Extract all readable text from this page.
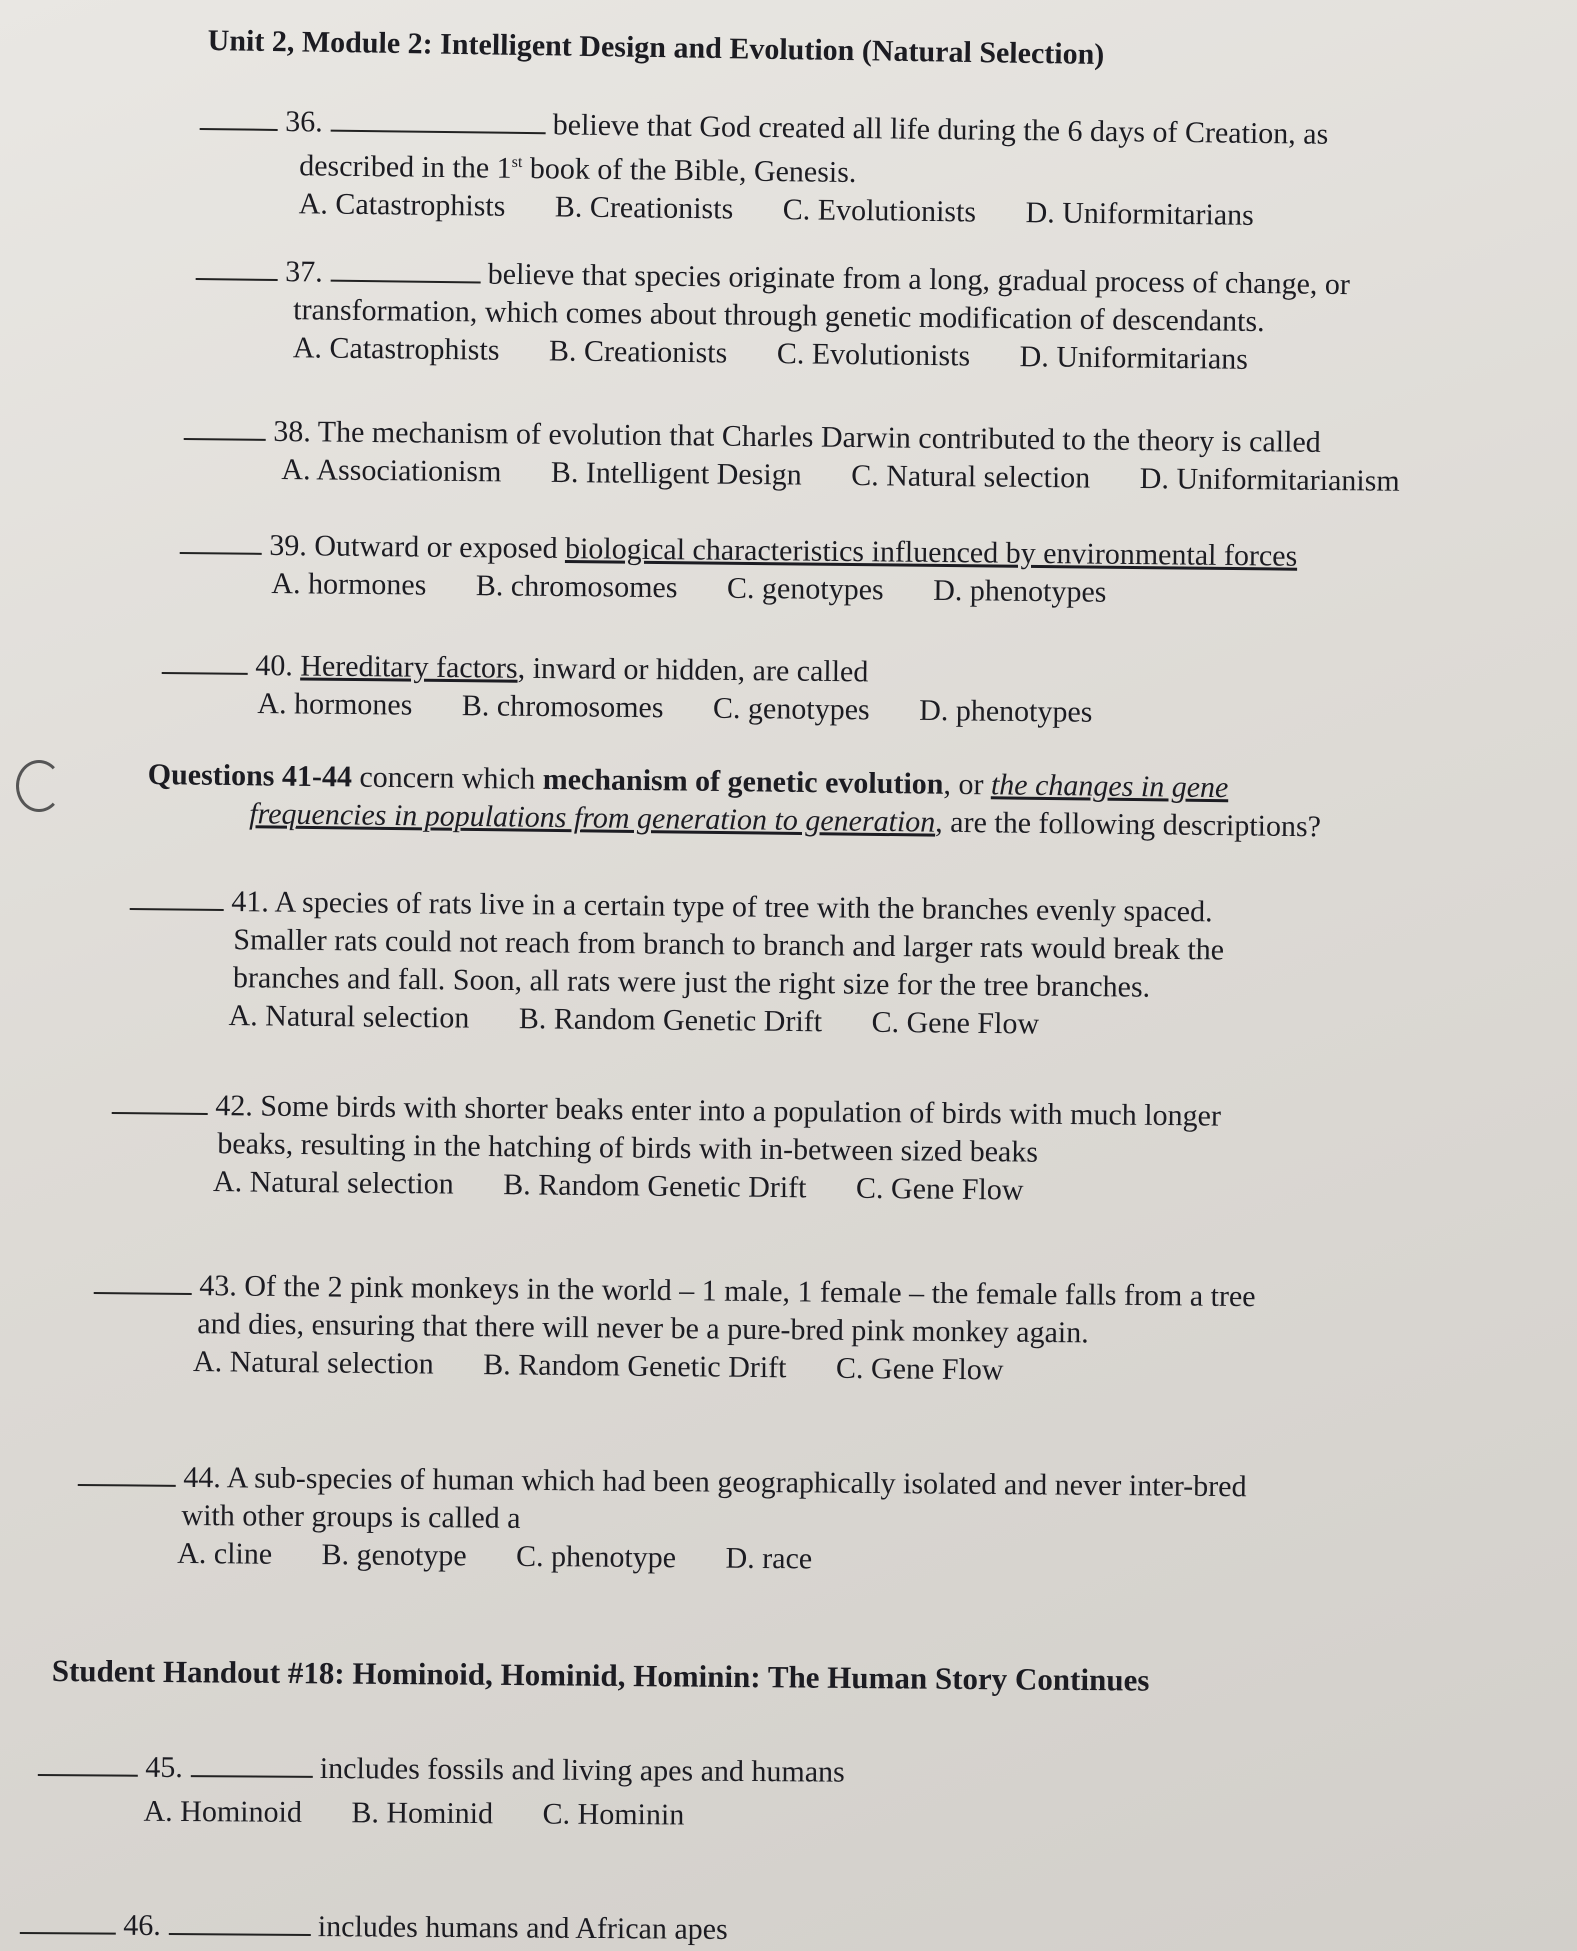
Unit 2, Module 2: Intelligent Design and Evolution (Natural Selection)
36.	believe that God created all life during the 6 days of Creation, as
described in the 1st book of the Bible, Genesis.
A. Catastrophists B. Creationists C. Evolutionists D. Uniformitarians
37.	believe that species originate from a long, gradual process of change, or
transformation, which comes about through genetic modification of descendants.
A. Catastrophists B. Creationists C. Evolutionists D. Uniformitarians
38. The mechanism of evolution that Charles Darwin contributed to the theory is called
A. Associationism B. Intelligent Design C. Natural selection D. Uniformitarianism
39. Outward or exposed biological characteristics influenced by environmental forces
A. hormones B. chromosomes C. genotypes D. phenotypes
40. Hereditary factors, inward or hidden, are called
A. hormones B. chromosomes C. genotypes D. phenotypes
Questions 41-44 concern which mechanism of genetic evolution, or the changes in gene
frequencies in populations from generation to generation, are the following descriptions?
41. A species of rats live in a certain type of tree with the branches evenly spaced.
Smaller rats could not reach from branch to branch and larger rats would break the
branches and fall. Soon, all rats were just the right size for the tree branches.
A. Natural selection B. Random Genetic Drift C. Gene Flow
42. Some birds with shorter beaks enter into a population of birds with much longer
beaks, resulting in the hatching of birds with in-between sized beaks
A. Natural selection B. Random Genetic Drift C. Gene Flow
43. Of the 2 pink monkeys in the world – 1 male, 1 female – the female falls from a tree
and dies, ensuring that there will never be a pure-bred pink monkey again.
A. Natural selection B. Random Genetic Drift C. Gene Flow
44. A sub-species of human which had been geographically isolated and never inter-bred
with other groups is called a
A. cline B. genotype C. phenotype D. race
Student Handout #18: Hominoid, Hominid, Hominin: The Human Story Continues
45.	includes fossils and living apes and humans
A. Hominoid B. Hominid C. Hominin
46.	includes humans and African apes
